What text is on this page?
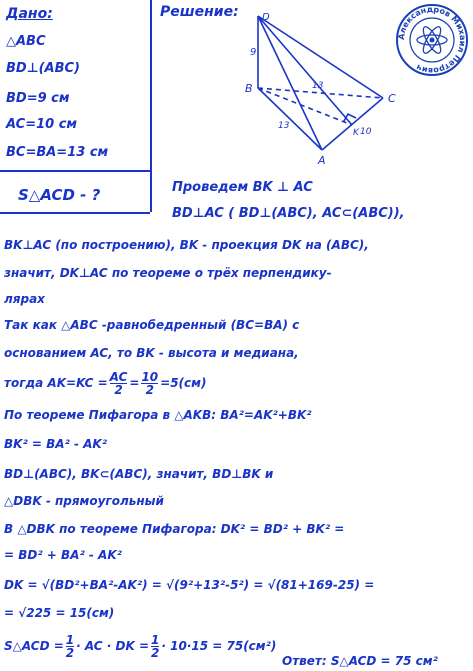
Дано:
△ABC
BD⊥(ABC)
BD=9 см
AC=10 см
BC=BA=13 см
S△ACD - ?
Решение: D
B
C
A
K
9
13
13
10
Александров Михаил Петрович
Проведем BK ⊥ AC
BD⊥AC ( BD⊥(ABC), AC⊂(ABC)),
BK⊥AC (по построению), BK - проекция DK на (ABC),
значит, DK⊥AC по теореме о трёх перпендику-
лярах
Так как △ABC -равнобедренный (BC=BA) с
основанием AC, то BK - высота и медиана,
тогда $AK=KC = \frac{AC}{2} = \frac{10}{2} =5(см)$
По теореме Пифагора в △AKB: BA²=AK²+BK²
BK² = BA² - AK²
BD⊥(ABC), BK⊂(ABC), значит, BD⊥BK и
△DBK - прямоугольный
В △DBK по теореме Пифагора: DK² = BD² + BK² =
= BD² + BA² - AK²
DK = √(BD²+BA²-AK²) = √(9²+13²-5²) = √(81+169-25) =
= √225 = 15(см)
S△ACD = $\frac{1}{2}$ · AC · DK = $\frac{1}{2} \cdot 10\cdot 15 = 75(см^2)$
Ответ: S△ACD = 75 см²
